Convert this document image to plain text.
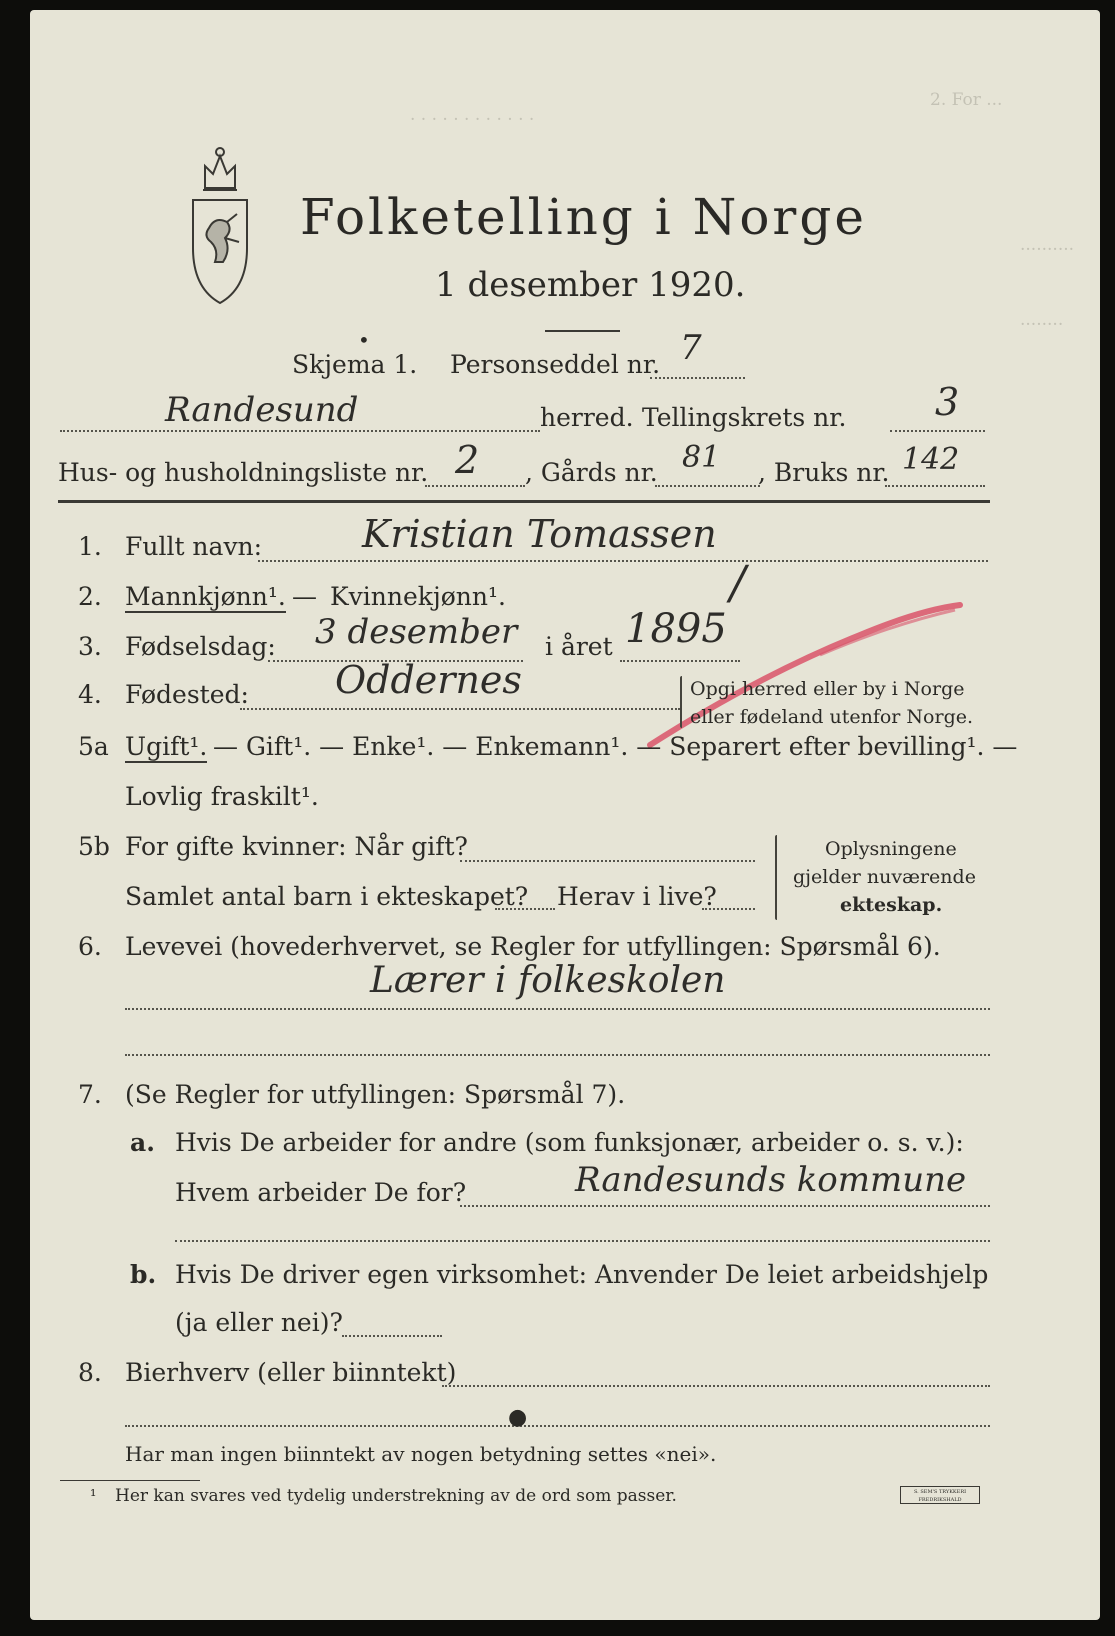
2. For ...
. . . . . . . . . . . .
..........
........
Folketelling i Norge
1 desember 1920.
•
Skjema 1. Personseddel nr. 7
Randesund	herred. Tellingskrets nr. 3
Hus- og husholdningsliste nr. 2 , Gårds nr. 81 , Bruks nr. 142
1. Fullt navn:	Kristian Tomassen
2. Mannkjønn¹. — Kvinnekjønn¹.	/
3. Fødselsdag: 3 desember i året 1895
4. Fødested: Oddernes	Opgi herred eller by i Norge
eller fødeland utenfor Norge.
5a Ugift¹. — Gift¹. — Enke¹. — Enkemann¹. — Separert efter bevilling¹. —
Lovlig fraskilt¹.
5b For gifte kvinner: Når gift?
Samlet antal barn i ekteskapet? Herav i live?
Oplysningene
gjelder nuværende
ekteskap.
6. Levevei (hovederhvervet, se Regler for utfyllingen: Spørsmål 6).
Lærer i folkeskolen
7. (Se Regler for utfyllingen: Spørsmål 7).
a. Hvis De arbeider for andre (som funksjonær, arbeider o. s. v.):
Hvem arbeider De for?	Randesunds kommune
b. Hvis De driver egen virksomhet: Anvender De leiet arbeidshjelp
(ja eller nei)?
8. Bierhverv (eller biinntekt)
●
Har man ingen biinntekt av nogen betydning settes «nei».
¹ Her kan svares ved tydelig understrekning av de ord som passer.	S. SEM'S TRYKKERI FREDRIKSHALD
